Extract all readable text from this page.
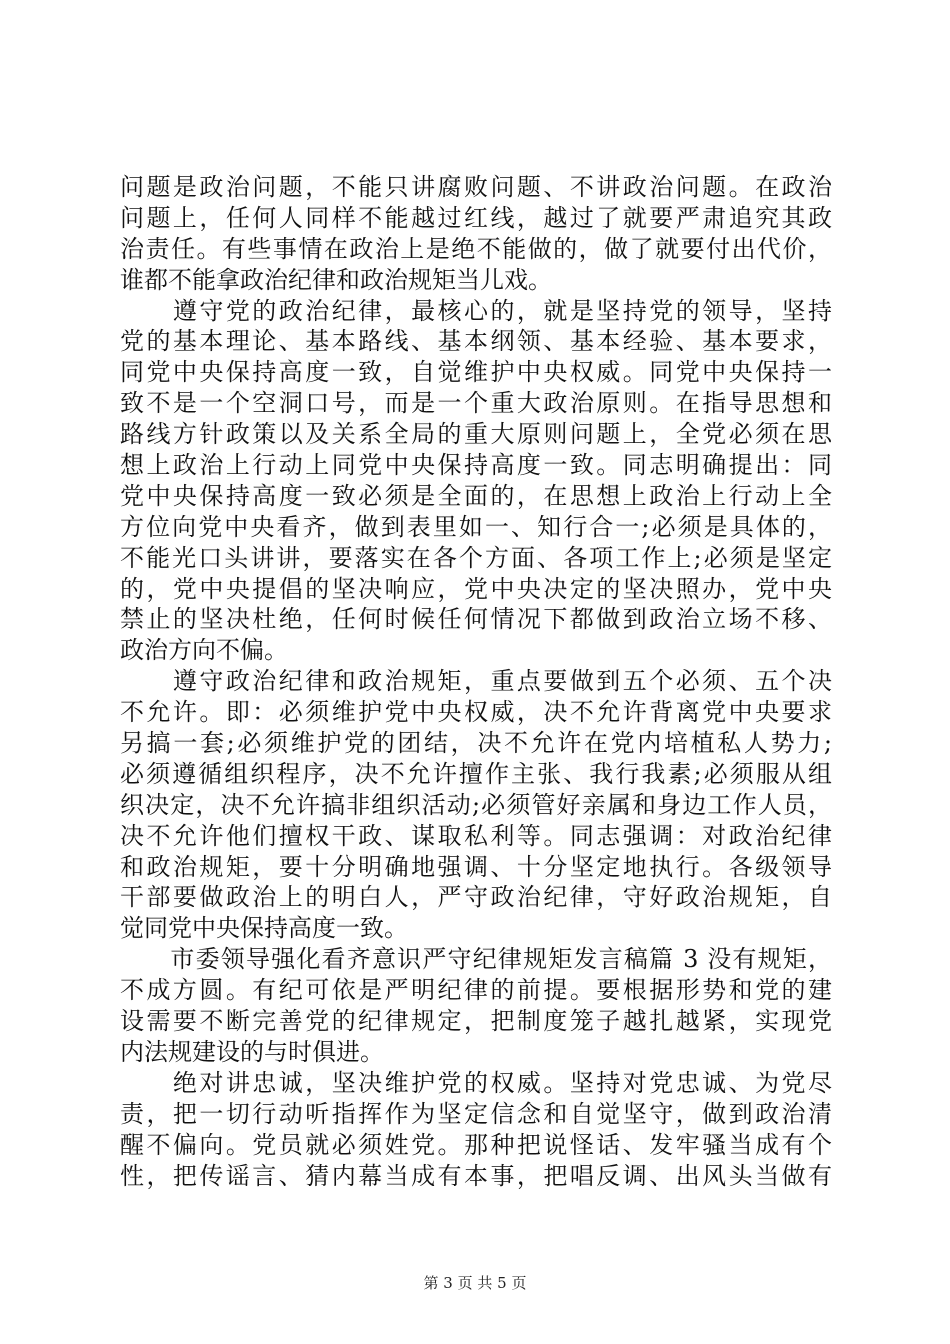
问题是政治问题，不能只讲腐败问题、不讲政治问题。在政治
问题上，任何人同样不能越过红线，越过了就要严肃追究其政
治责任。有些事情在政治上是绝不能做的，做了就要付出代价，
谁都不能拿政治纪律和政治规矩当儿戏。
　　遵守党的政治纪律，最核心的，就是坚持党的领导，坚持
党的基本理论、基本路线、基本纲领、基本经验、基本要求，
同党中央保持高度一致，自觉维护中央权威。同党中央保持一
致不是一个空洞口号，而是一个重大政治原则。在指导思想和
路线方针政策以及关系全局的重大原则问题上，全党必须在思
想上政治上行动上同党中央保持高度一致。同志明确提出：同
党中央保持高度一致必须是全面的，在思想上政治上行动上全
方位向党中央看齐，做到表里如一、知行合一;必须是具体的，
不能光口头讲讲，要落实在各个方面、各项工作上;必须是坚定
的，党中央提倡的坚决响应，党中央决定的坚决照办，党中央
禁止的坚决杜绝，任何时候任何情况下都做到政治立场不移、
政治方向不偏。
　　遵守政治纪律和政治规矩，重点要做到五个必须、五个决
不允许。即：必须维护党中央权威，决不允许背离党中央要求
另搞一套;必须维护党的团结，决不允许在党内培植私人势力;
必须遵循组织程序，决不允许擅作主张、我行我素;必须服从组
织决定，决不允许搞非组织活动;必须管好亲属和身边工作人员，
决不允许他们擅权干政、谋取私利等。同志强调：对政治纪律
和政治规矩，要十分明确地强调、十分坚定地执行。各级领导
干部要做政治上的明白人，严守政治纪律，守好政治规矩，自
觉同党中央保持高度一致。
　　市委领导强化看齐意识严守纪律规矩发言稿篇 3 没有规矩，
不成方圆。有纪可依是严明纪律的前提。要根据形势和党的建
设需要不断完善党的纪律规定，把制度笼子越扎越紧，实现党
内法规建设的与时俱进。
　　绝对讲忠诚，坚决维护党的权威。坚持对党忠诚、为党尽
责，把一切行动听指挥作为坚定信念和自觉坚守，做到政治清
醒不偏向。党员就必须姓党。那种把说怪话、发牢骚当成有个
性，把传谣言、猜内幕当成有本事，把唱反调、出风头当做有
第 3 页 共 5 页
